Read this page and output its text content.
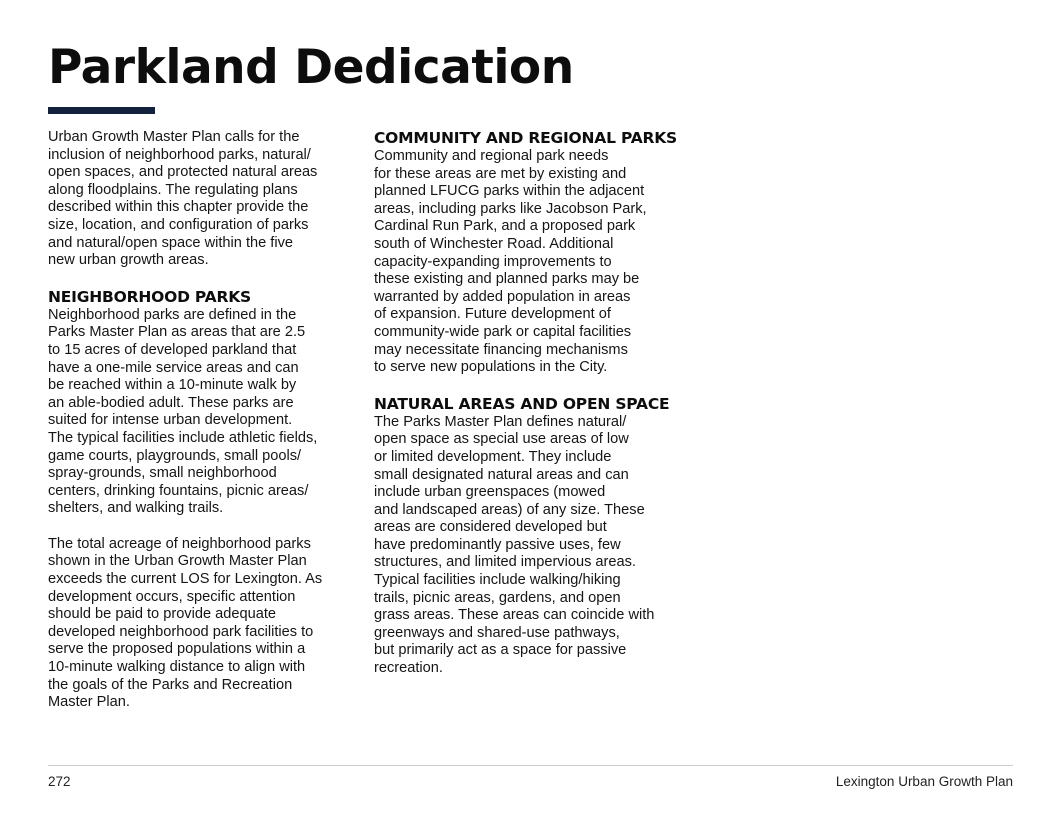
Parkland Dedication

Urban Growth Master Plan calls for the
inclusion of neighborhood parks, natural/
open spaces, and protected natural areas
along floodplains. The regulating plans
described within this chapter provide the
size, location, and configuration of parks
and natural/open space within the five
new urban growth areas.

NEIGHBORHOOD PARKS

Neighborhood parks are defined in the
Parks Master Plan as areas that are 2.5
to 15 acres of developed parkland that
have a one-mile service areas and can
be reached within a 10-minute walk by
an able-bodied adult. These parks are
suited for intense urban development.
The typical facilities include athletic fields,
game courts, playgrounds, small pools/
spray-grounds, small neighborhood
centers, drinking fountains, picnic areas/
shelters, and walking trails.

The total acreage of neighborhood parks
shown in the Urban Growth Master Plan
exceeds the current LOS for Lexington. As
development occurs, specific attention
should be paid to provide adequate
developed neighborhood park facilities to
serve the proposed populations within a
10-minute walking distance to align with
the goals of the Parks and Recreation
Master Plan.

COMMUNITY AND REGIONAL PARKS

Community and regional park needs
for these areas are met by existing and
planned LFUCG parks within the adjacent
areas, including parks like Jacobson Park,
Cardinal Run Park, and a proposed park
south of Winchester Road. Additional
capacity-expanding improvements to
these existing and planned parks may be
warranted by added population in areas
of expansion. Future development of
community-wide park or capital facilities
may necessitate financing mechanisms
to serve new populations in the City.

NATURAL AREAS AND OPEN SPACE

The Parks Master Plan defines natural/
open space as special use areas of low
or limited development. They include
small designated natural areas and can
include urban greenspaces (mowed
and landscaped areas) of any size. These
areas are considered developed but
have predominantly passive uses, few
structures, and limited impervious areas.
Typical facilities include walking/hiking
trails, picnic areas, gardens, and open
grass areas. These areas can coincide with
greenways and shared-use pathways,
but primarily act as a space for passive
recreation.

272	Lexington Urban Growth Plan
